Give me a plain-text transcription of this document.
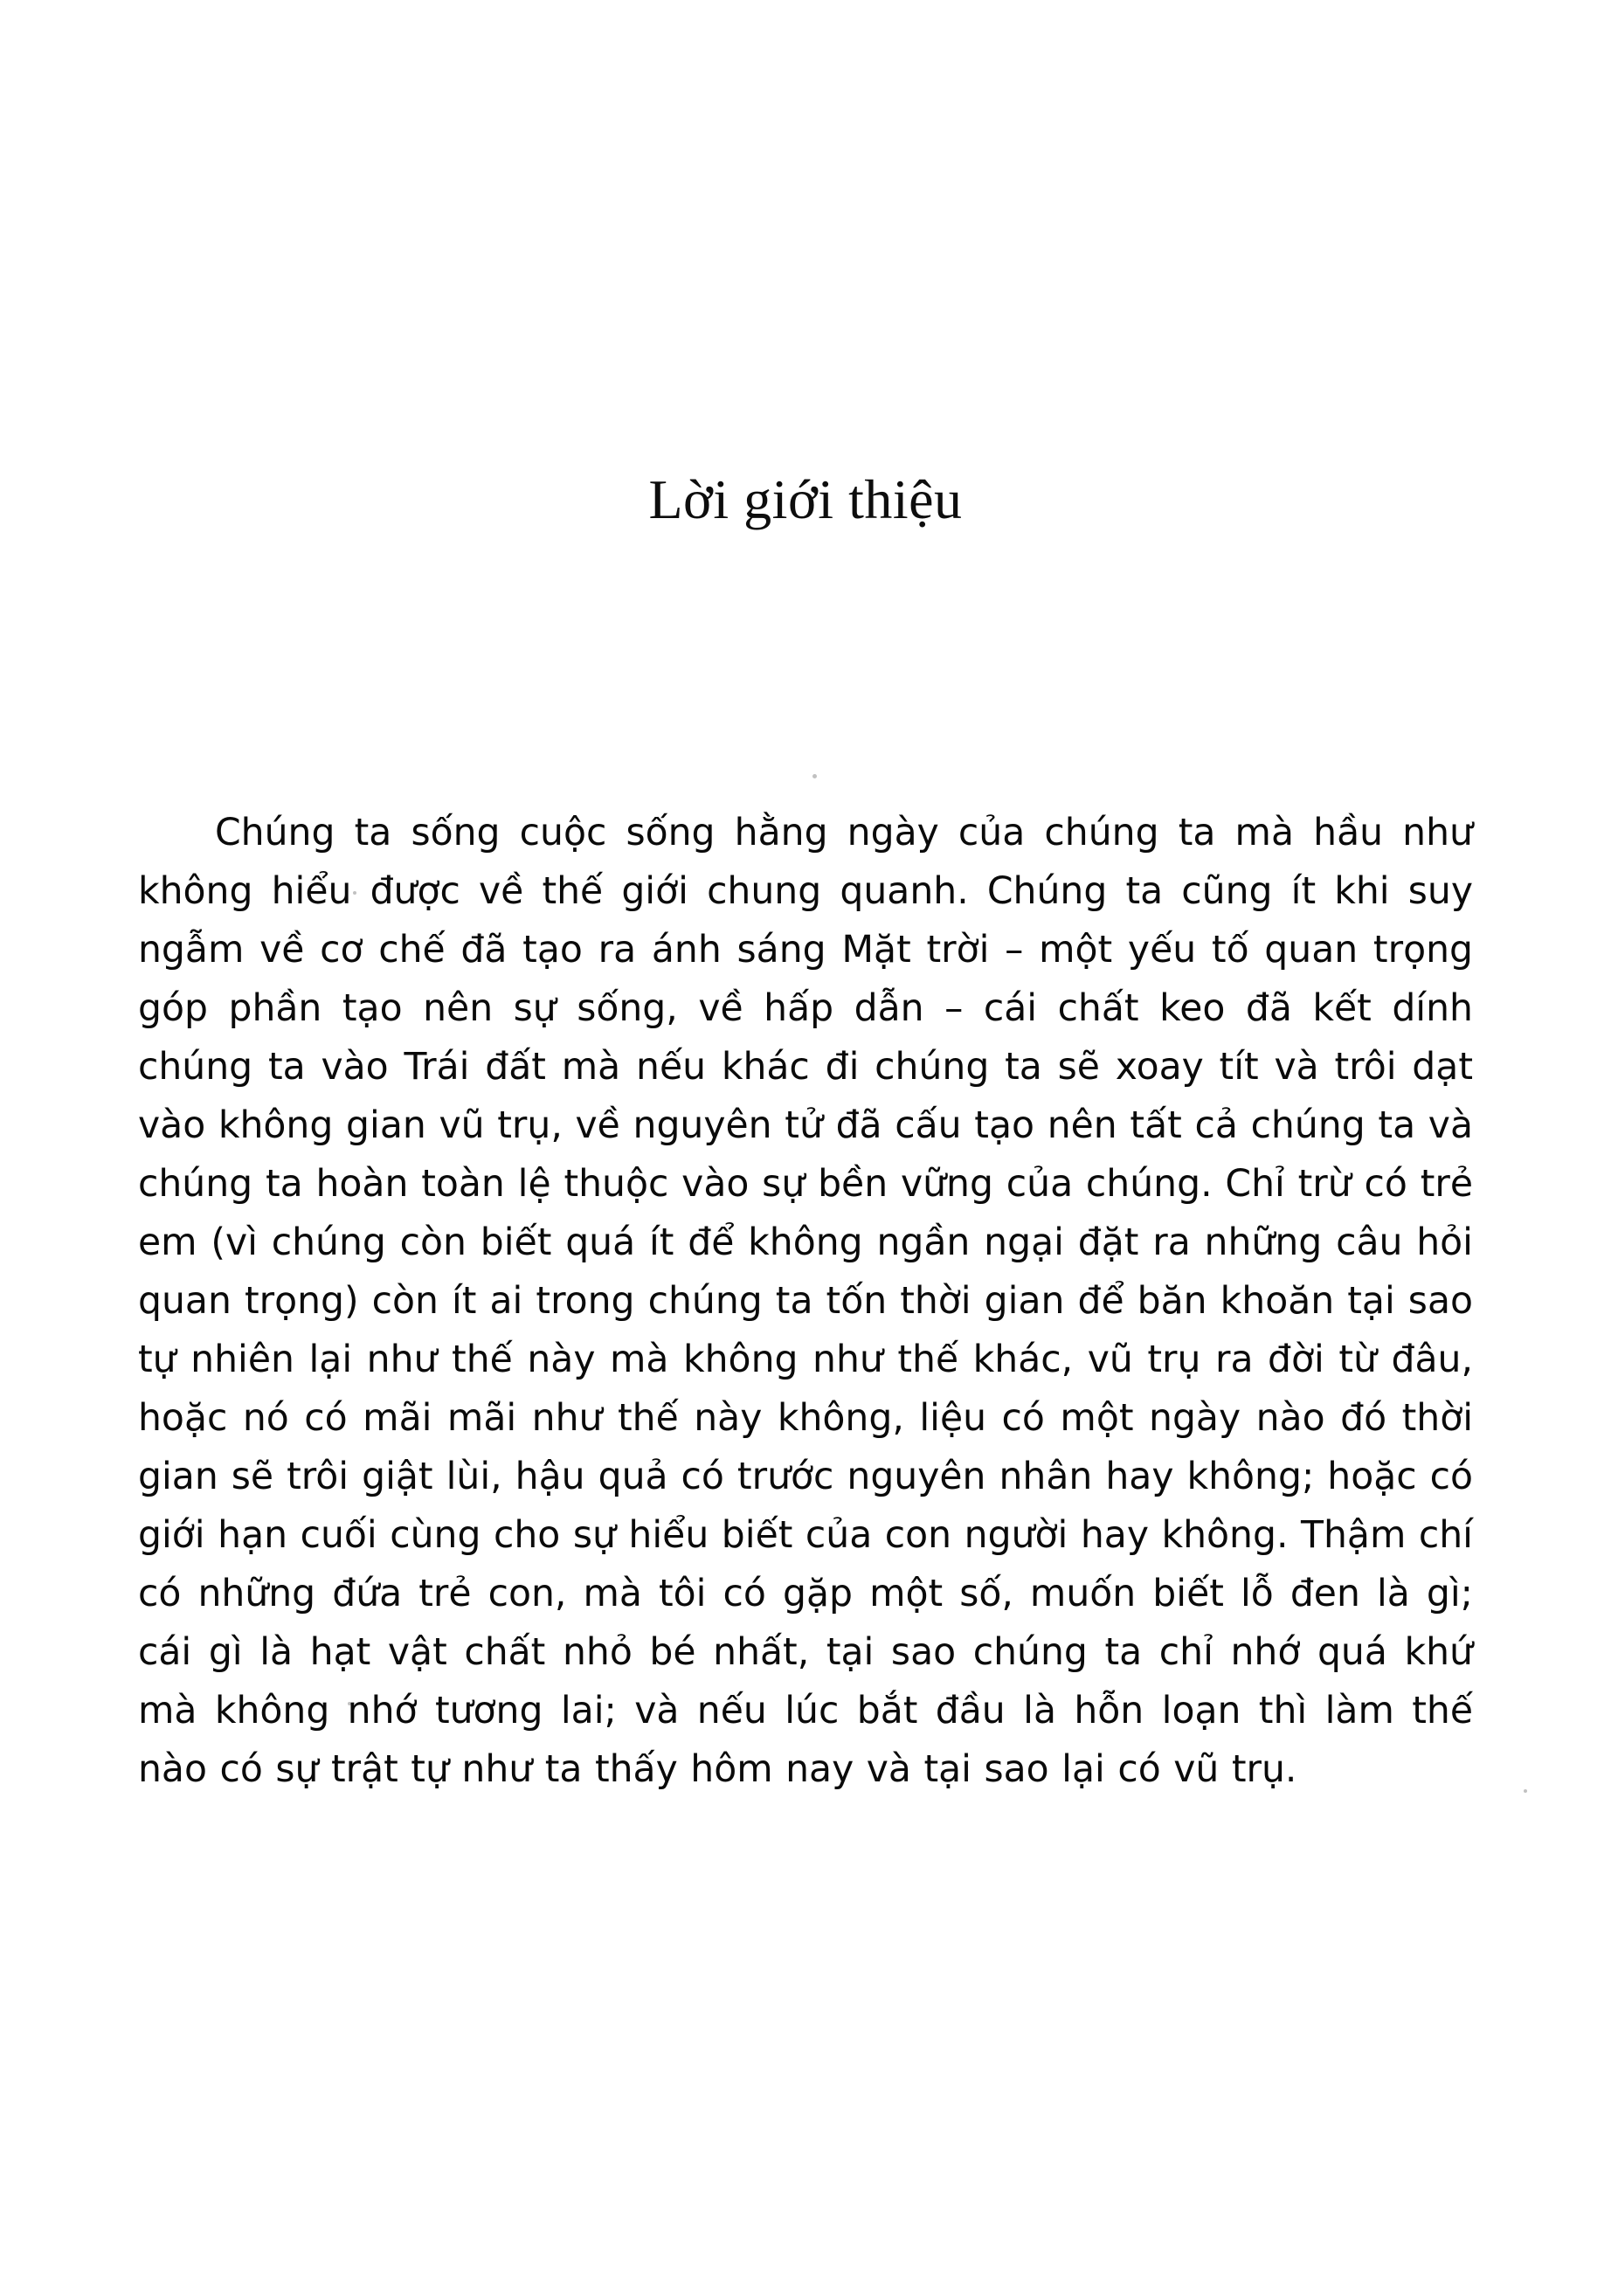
Lời giới thiệu

Chúng ta sống cuộc sống hằng ngày của chúng ta mà hầu như không hiểu được về thế giới chung quanh. Chúng ta cũng ít khi suy ngẫm về cơ chế đã tạo ra ánh sáng Mặt trời – một yếu tố quan trọng góp phần tạo nên sự sống, về hấp dẫn – cái chất keo đã kết dính chúng ta vào Trái đất mà nếu khác đi chúng ta sẽ xoay tít và trôi dạt vào không gian vũ trụ, về nguyên tử đã cấu tạo nên tất cả chúng ta và chúng ta hoàn toàn lệ thuộc vào sự bền vững của chúng. Chỉ trừ có trẻ em (vì chúng còn biết quá ít để không ngần ngại đặt ra những câu hỏi quan trọng) còn ít ai trong chúng ta tốn thời gian để băn khoăn tại sao tự nhiên lại như thế này mà không như thế khác, vũ trụ ra đời từ đâu, hoặc nó có mãi mãi như thế này không, liệu có một ngày nào đó thời gian sẽ trôi giật lùi, hậu quả có trước nguyên nhân hay không; hoặc có giới hạn cuối cùng cho sự hiểu biết của con người hay không. Thậm chí có những đứa trẻ con, mà tôi có gặp một số, muốn biết lỗ đen là gì; cái gì là hạt vật chất nhỏ bé nhất, tại sao chúng ta chỉ nhớ quá khứ mà không nhớ tương lai; và nếu lúc bắt đầu là hỗn loạn thì làm thế nào có sự trật tự như ta thấy hôm nay và tại sao lại có vũ trụ.
